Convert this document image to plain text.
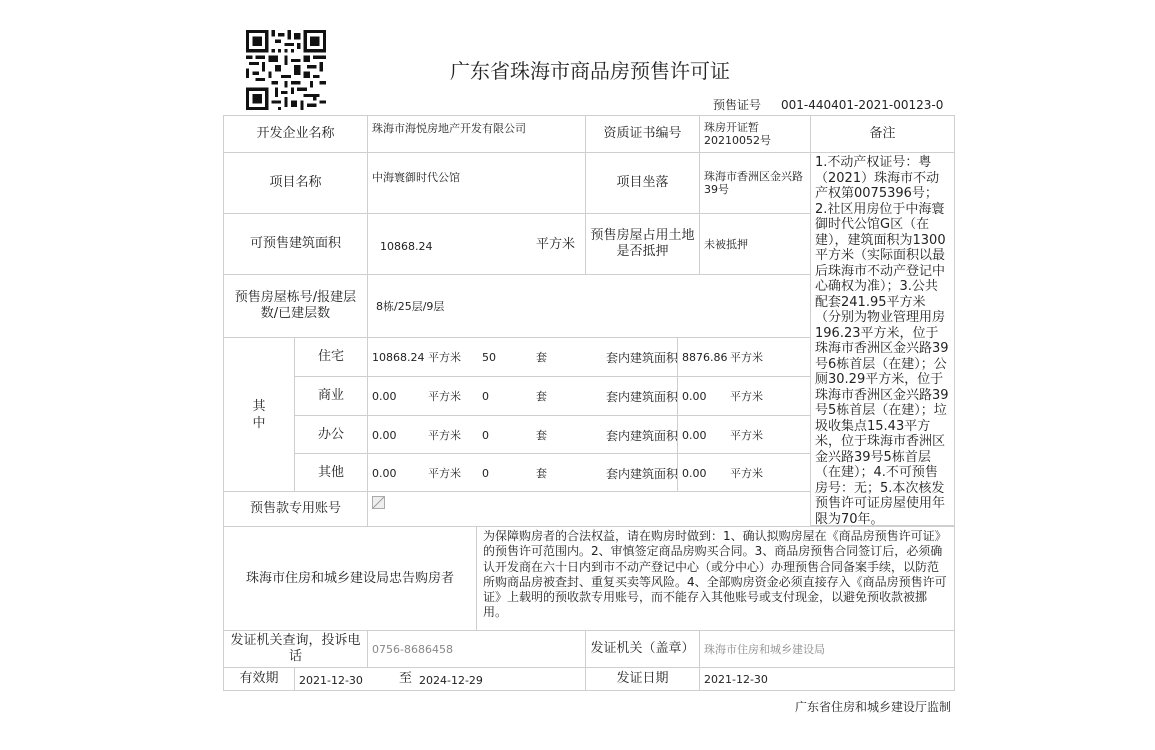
广东省珠海市商品房预售许可证
预售证号 001-440401-2021-00123-0
开发企业名称	珠海市海悦房地产开发有限公司	资质证书编号	珠房开证暂20210052号	备注
1.不动产权证号：粤（2021）珠海市不动产权第0075396号；2.社区用房位于中海寰御时代公馆G区（在建），建筑面积为1300平方米（实际面积以最后珠海市不动产登记中心确权为准）；3.公共配套241.95平方米（分别为物业管理用房196.23平方米，位于珠海市香洲区金兴路39号6栋首层（在建）；公厕30.29平方米，位于珠海市香洲区金兴路39号5栋首层（在建）；垃圾收集点15.43平方米，位于珠海市香洲区金兴路39号5栋首层（在建）；4.不可预售房号：无；5.本次核发预售许可证房屋使用年限为70年。
项目名称	中海寰御时代公馆	项目坐落	珠海市香洲区金兴路39号
可预售建筑面积	10868.24	平方米
预售房屋占用土地是否抵押	未被抵押
预售房屋栋号/报建层数/已建层数	8栋/25层/9层
其中
住宅	10868.24 平方米 50	套	套内建筑面积 8876.86 平方米
商业	0.00	平方米 0	套	套内建筑面积 0.00 平方米
办公	0.00	平方米 0	套	套内建筑面积 0.00 平方米
其他	0.00	平方米 0	套	套内建筑面积 0.00 平方米
预售款专用账号
珠海市住房和城乡建设局忠告购房者
为保障购房者的合法权益，请在购房时做到：1、确认拟购房屋在《商品房预售许可证》的预售许可范围内。2、审慎签定商品房购买合同。3、商品房预售合同签订后，必须确认开发商在六十日内到市不动产登记中心（或分中心）办理预售合同备案手续，以防范所购商品房被查封、重复买卖等风险。4、全部购房资金必须直接存入《商品房预售许可证》上载明的预收款专用账号，而不能存入其他账号或支付现金，以避免预收款被挪用。
发证机关查询，投诉电话	0756-8686458	发证机关（盖章） 珠海市住房和城乡建设局
有效期	2021-12-30	至 2024-12-29	发证日期	2021-12-30
广东省住房和城乡建设厅监制
